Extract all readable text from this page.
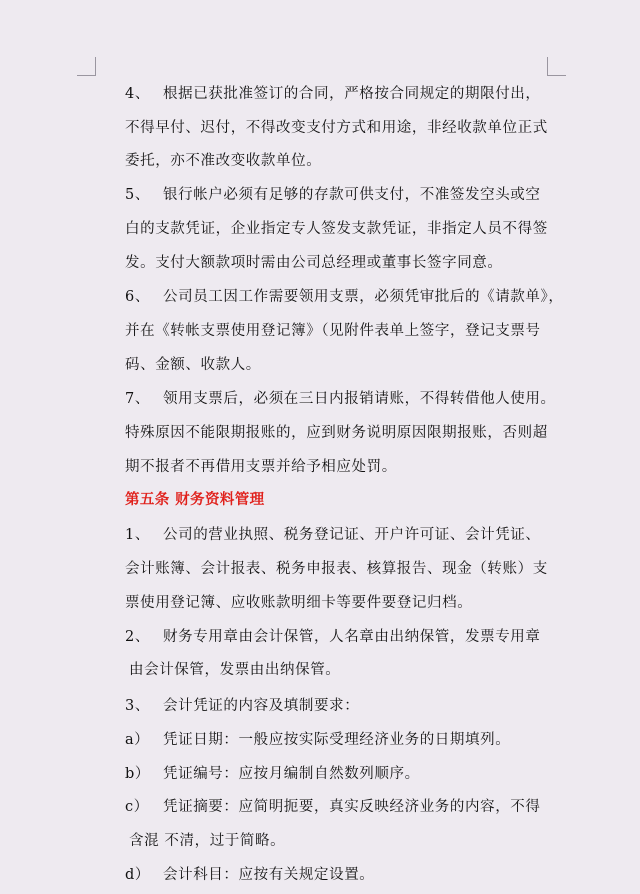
4、 根据已获批准签订的合同，严格按合同规定的期限付出，
不得早付、迟付，不得改变支付方式和用途，非经收款单位正式
委托，亦不准改变收款单位。
5、 银行帐户必须有足够的存款可供支付，不准签发空头或空
白的支款凭证，企业指定专人签发支款凭证，非指定人员不得签
发。支付大额款项时需由公司总经理或董事长签字同意。
6、 公司员工因工作需要领用支票，必须凭审批后的《请款单》，
并在《转帐支票使用登记簿》（见附件表单上签字，登记支票号
码、金额、收款人。
7、 领用支票后，必须在三日内报销请账，不得转借他人使用。
特殊原因不能限期报账的，应到财务说明原因限期报账，否则超
期不报者不再借用支票并给予相应处罚。
第五条 财务资料管理
1、 公司的营业执照、税务登记证、开户许可证、会计凭证、
会计账簿、会计报表、税务申报表、核算报告、现金（转账）支
票使用登记簿、应收账款明细卡等要件要登记归档。
2、 财务专用章由会计保管，人名章由出纳保管，发票专用章
由会计保管，发票由出纳保管。
3、 会计凭证的内容及填制要求：
a） 凭证日期：一般应按实际受理经济业务的日期填列。
b） 凭证编号：应按月编制自然数列顺序。
c） 凭证摘要：应简明扼要，真实反映经济业务的内容，不得
含混 不清，过于简略。
d） 会计科目：应按有关规定设置。
